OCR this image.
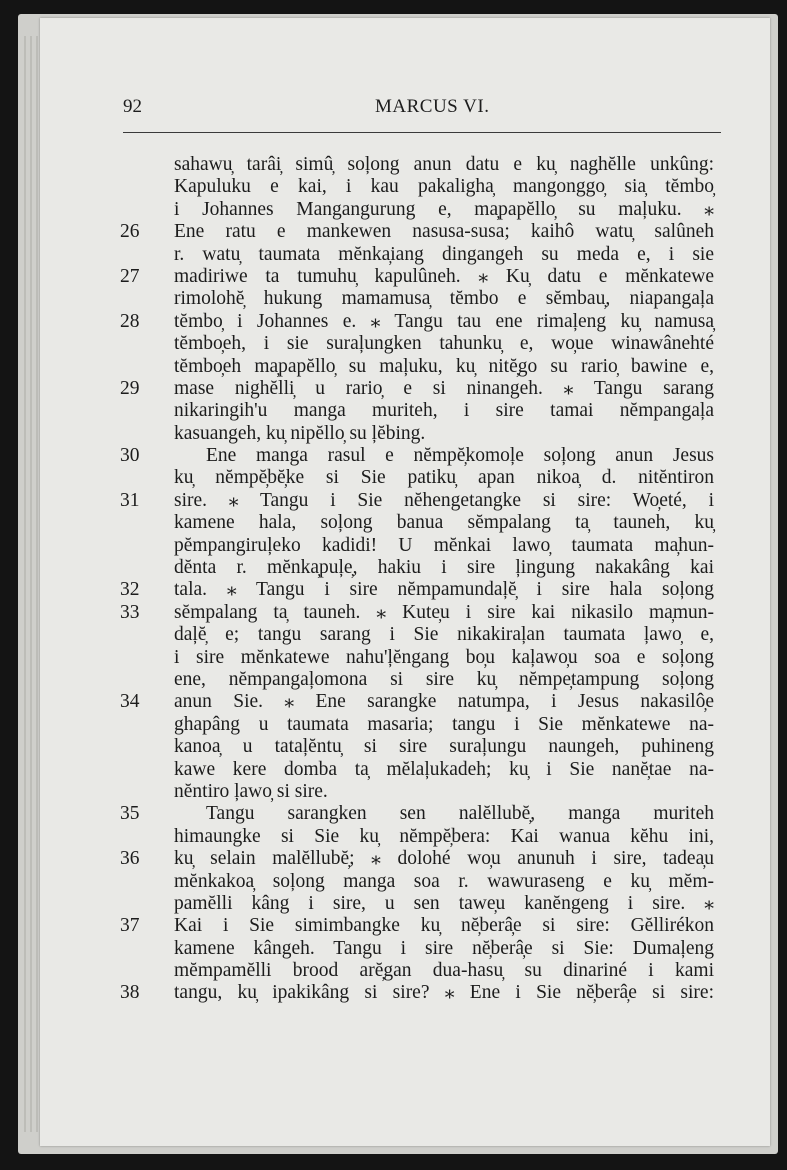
92	MARCUS VI.
sahawu̦ tarâi̦ simû̦ soļong anun datu e ku̦ naghĕlle unkûng:
Kapuluku e kai, i kau pakaligha̦ mangonggo̦ sia̦ tĕmbo̦
i Johannes Mangangurung e, ma̦papĕllo̦ su maļuku. ⁎
26	Ene ratu e mankewen nasusa-susa; kaihô watu̦ salûneh
r. watu̦ taumata mĕnka̦iang dingangeh su meda e, i sie
27	madiriwe ta tumuhu̦ kapulûneh. ⁎ Ku̦ datu e mĕnkatewe
rimolohĕ̦ hukung mamamusa̦ tĕmbo e sĕmbau̦, niapangaļa
28	tĕmbo̦ i Johannes e. ⁎ Tangu tau ene rimaļeng ku̦ namusa̦
tĕmbo̦eh, i sie suraļungken tahunku̦ e, wo̦ue winawânehté
tĕmbo̦eh ma̦papĕllo̦ su maļuku, ku̦ nitĕ̦go su rario̦ bawine e,
29	mase nighĕlli̦ u rario̦ e si ninangeh. ⁎ Tangu sarang
nikaringih'u manga muriteh, i sire tamai nĕmpangaļa
kasuangeh, ku̦ nipĕllo̦ su ļĕbing.
30	Ene manga rasul e nĕmpĕ̦komoļe soļong anun Jesus
ku̦ nĕmpĕ̦bĕ̦ke si Sie patiku̦ apan nikoa̦ d. nitĕntiron
31	sire. ⁎ Tangu i Sie nĕhengetangke si sire: Wo̦eté, i
kamene hala, soļong banua sĕmpalang ta̦ tauneh, ku̦
pĕmpangiruļeko kadidi! U mĕnkai lawo̦ taumata ma̦hun-
dĕnta r. mĕnka̦puļe̦, hakiu i sire ļingung nakakâng kai
32	tala. ⁎ Tangu i sire nĕmpamundaļĕ̦ i sire hala soļong
33	sĕmpalang ta̦ tauneh. ⁎ Kute̦u i sire kai nikasilo ma̦mun-
daļĕ̦ e; tangu sarang i Sie nikakiraļan taumata ļawo̦ e,
i sire mĕnkatewe nahu'ļĕngang bo̦u kaļawo̦u soa e soļong
ene, nĕmpangaļomona si sire ku̦ nĕmpe̦tampung soļong
34	anun Sie. ⁎ Ene sarangke natumpa, i Jesus nakasilô̦e
ghapâng u taumata masaria; tangu i Sie mĕnkatewe na-
kanoa̦ u tataļĕntu̦ si sire suraļungu naungeh, puhineng
kawe kere domba ta̦ mĕlaļukadeh; ku̦ i Sie nanĕ̦tae na-
nĕntiro ļawo̦ si sire.
35	Tangu sarangken sen nalĕllubĕ̦, manga muriteh
himaungke si Sie ku̦ nĕmpĕ̦bera: Kai wanua kĕhu ini,
36	ku̦ selain malĕllubĕ̦; ⁎ dolohé wo̦u anunuh i sire, tadea̦u
mĕnkakoa̦ soļong manga soa r. wawuraseng e ku̦ mĕm-
pamĕlli kâng i sire, u sen tawe̦u kanĕngeng i sire. ⁎
37	Kai i Sie simimbangke ku̦ nĕ̦berâ̦e si sire: Gĕllirékon
kamene kângeh. Tangu i sire nĕ̦berâ̦e si Sie: Dumaļeng
mĕmpamĕlli brood arĕ̦gan dua-hasu̦ su dinariné i kami
38	tangu, ku̦ ipakikâng si sire? ⁎ Ene i Sie nĕ̦berâ̦e si sire:
